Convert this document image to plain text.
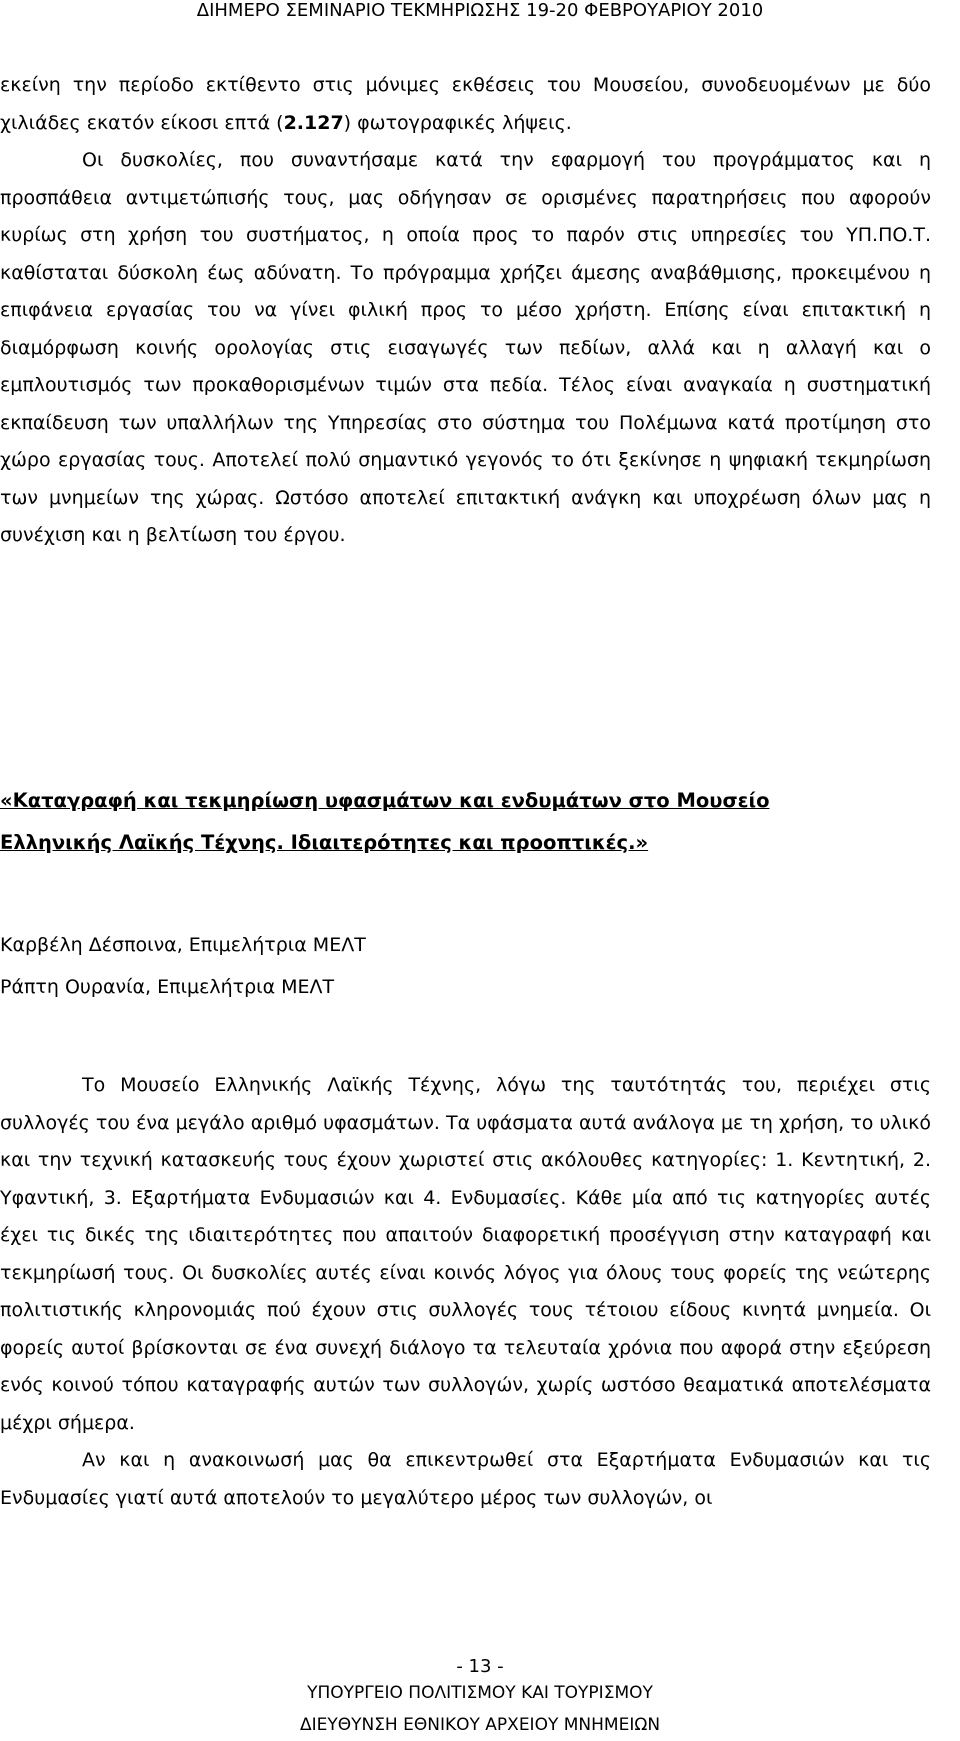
ΔΙΗΜΕΡΟ ΣΕΜΙΝΑΡΙΟ ΤΕΚΜΗΡΙΩΣΗΣ 19-20 ΦΕΒΡΟΥΑΡΙΟΥ 2010

εκείνη την περίοδο εκτίθεντο στις μόνιμες εκθέσεις του Μουσείου, συνοδευομένων με δύο χιλιάδες εκατόν είκοσι επτά (2.127) φωτογραφικές λήψεις.

Οι δυσκολίες, που συναντήσαμε κατά την εφαρμογή του προγράμματος και η προσπάθεια αντιμετώπισής τους, μας οδήγησαν σε ορισμένες παρατηρήσεις που αφορούν κυρίως στη χρήση του συστήματος, η οποία προς το παρόν στις υπηρεσίες του ΥΠ.ΠΟ.Τ. καθίσταται δύσκολη έως αδύνατη. Το πρόγραμμα χρήζει άμεσης αναβάθμισης, προκειμένου η επιφάνεια εργασίας του να γίνει φιλική προς το μέσο χρήστη. Επίσης είναι επιτακτική η διαμόρφωση κοινής ορολογίας στις εισαγωγές των πεδίων, αλλά και η αλλαγή και ο εμπλουτισμός των προκαθορισμένων τιμών στα πεδία. Τέλος είναι αναγκαία η συστηματική εκπαίδευση των υπαλλήλων της Υπηρεσίας στο σύστημα του Πολέμωνα κατά προτίμηση στο χώρο εργασίας τους. Αποτελεί πολύ σημαντικό γεγονός το ότι ξεκίνησε η ψηφιακή τεκμηρίωση των μνημείων της χώρας. Ωστόσο αποτελεί επιτακτική ανάγκη και υποχρέωση όλων μας η συνέχιση και η βελτίωση του έργου.

«Καταγραφή και τεκμηρίωση υφασμάτων και ενδυμάτων στο Μουσείο
Ελληνικής Λαϊκής Τέχνης. Ιδιαιτερότητες και προοπτικές.»
Καρβέλη Δέσποινα, Επιμελήτρια ΜΕΛΤ
Ράπτη Ουρανία, Επιμελήτρια ΜΕΛΤ

Το Μουσείο Ελληνικής Λαϊκής Τέχνης, λόγω της ταυτότητάς του, περιέχει στις συλλογές του ένα μεγάλο αριθμό υφασμάτων. Τα υφάσματα αυτά ανάλογα με τη χρήση, το υλικό και την τεχνική κατασκευής τους έχουν χωριστεί στις ακόλουθες κατηγορίες: 1. Κεντητική, 2. Υφαντική, 3. Εξαρτήματα Ενδυμασιών και 4. Ενδυμασίες. Κάθε μία από τις κατηγορίες αυτές έχει τις δικές της ιδιαιτερότητες που απαιτούν διαφορετική προσέγγιση στην καταγραφή και τεκμηρίωσή τους. Οι δυσκολίες αυτές είναι κοινός λόγος για όλους τους φορείς της νεώτερης πολιτιστικής κληρονομιάς πού έχουν στις συλλογές τους τέτοιου είδους κινητά μνημεία. Οι φορείς αυτοί βρίσκονται σε ένα συνεχή διάλογο τα τελευταία χρόνια που αφορά στην εξεύρεση ενός κοινού τόπου καταγραφής αυτών των συλλογών, χωρίς ωστόσο θεαματικά αποτελέσματα μέχρι σήμερα.

Αν και η ανακοινωσή μας θα επικεντρωθεί στα Εξαρτήματα Ενδυμασιών και τις Ενδυμασίες γιατί αυτά αποτελούν το μεγαλύτερο μέρος των συλλογών, οι

- 13 -
ΥΠΟΥΡΓΕΙΟ ΠΟΛΙΤΙΣΜΟΥ ΚΑΙ ΤΟΥΡΙΣΜΟΥ
ΔΙΕΥΘΥΝΣΗ ΕΘΝΙΚΟΥ ΑΡΧΕΙΟΥ ΜΝΗΜΕΙΩΝ
